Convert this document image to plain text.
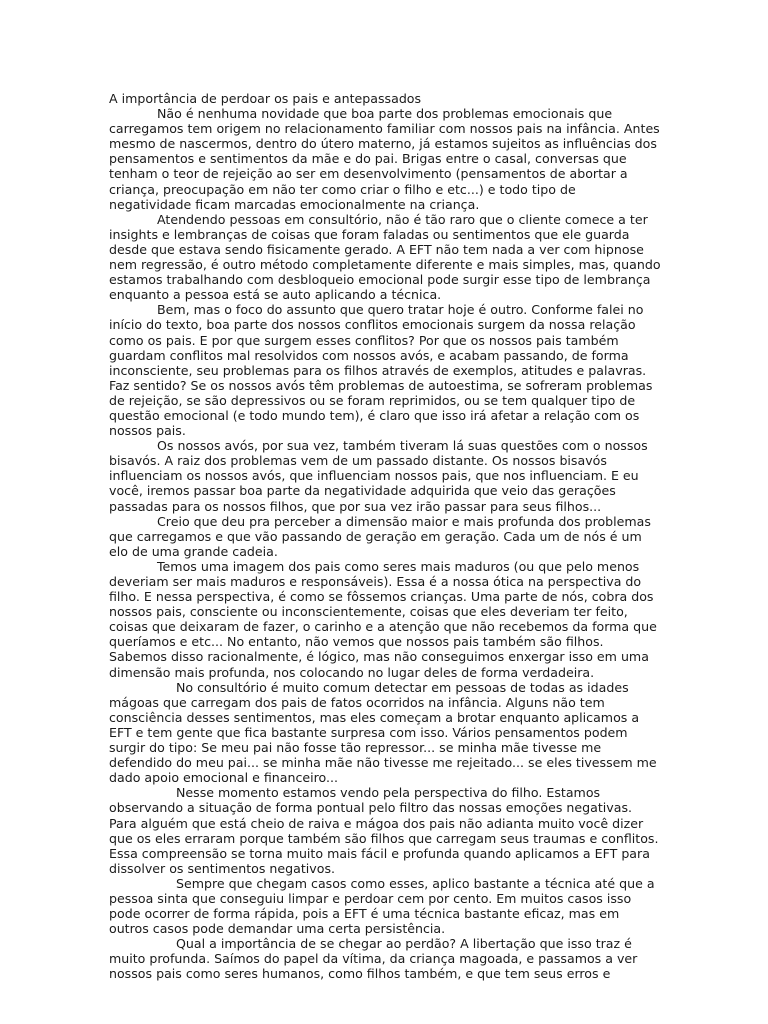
A importância de perdoar os pais e antepassados

Não é nenhuma novidade que boa parte dos problemas emocionais que carregamos tem origem no relacionamento familiar com nossos pais na infância. Antes mesmo de nascermos, dentro do útero materno, já estamos sujeitos as influências dos pensamentos e sentimentos da mãe e do pai. Brigas entre o casal, conversas que tenham o teor de rejeição ao ser em desenvolvimento (pensamentos de abortar a criança, preocupação em não ter como criar o filho e etc...) e todo tipo de negatividade ficam marcadas emocionalmente na criança.

Atendendo pessoas em consultório, não é tão raro que o cliente comece a ter insights e lembranças de coisas que foram faladas ou sentimentos que ele guarda desde que estava sendo fisicamente gerado. A EFT não tem nada a ver com hipnose nem regressão, é outro método completamente diferente e mais simples, mas, quando estamos trabalhando com desbloqueio emocional pode surgir esse tipo de lembrança enquanto a pessoa está se auto aplicando a técnica.

Bem, mas o foco do assunto que quero tratar hoje é outro. Conforme falei no início do texto, boa parte dos nossos conflitos emocionais surgem da nossa relação como os pais. E por que surgem esses conflitos? Por que os nossos pais também guardam conflitos mal resolvidos com nossos avós, e acabam passando, de forma inconsciente, seu problemas para os filhos através de exemplos, atitudes e palavras. Faz sentido? Se os nossos avós têm problemas de autoestima, se sofreram problemas de rejeição, se são depressivos ou se foram reprimidos, ou se tem qualquer tipo de questão emocional (e todo mundo tem), é claro que isso irá afetar a relação com os nossos pais.

Os nossos avós, por sua vez, também tiveram lá suas questões com o nossos bisavós. A raiz dos problemas vem de um passado distante. Os nossos bisavós influenciam os nossos avós, que influenciam nossos pais, que nos influenciam. E eu você, iremos passar boa parte da negatividade adquirida que veio das gerações passadas para os nossos filhos, que por sua vez irão passar para seus filhos...

Creio que deu pra perceber a dimensão maior e mais profunda dos problemas que carregamos e que vão passando de geração em geração. Cada um de nós é um elo de uma grande cadeia.

Temos uma imagem dos pais como seres mais maduros (ou que pelo menos deveriam ser mais maduros e responsáveis). Essa é a nossa ótica na perspectiva do filho. E nessa perspectiva, é como se fôssemos crianças. Uma parte de nós, cobra dos nossos pais, consciente ou inconscientemente, coisas que eles deveriam ter feito, coisas que deixaram de fazer, o carinho e a atenção que não recebemos da forma que queríamos e etc... No entanto, não vemos que nossos pais também são filhos. Sabemos disso racionalmente, é lógico, mas não conseguimos enxergar isso em uma dimensão mais profunda, nos colocando no lugar deles de forma verdadeira.

No consultório é muito comum detectar em pessoas de todas as idades mágoas que carregam dos pais de fatos ocorridos na infância. Alguns não tem consciência desses sentimentos, mas eles começam a brotar enquanto aplicamos a EFT e tem gente que fica bastante surpresa com isso. Vários pensamentos podem surgir do tipo: Se meu pai não fosse tão repressor... se minha mãe tivesse me defendido do meu pai... se minha mãe não tivesse me rejeitado... se eles tivessem me dado apoio emocional e financeiro...

Nesse momento estamos vendo pela perspectiva do filho. Estamos observando a situação de forma pontual pelo filtro das nossas emoções negativas. Para alguém que está cheio de raiva e mágoa dos pais não adianta muito você dizer que os eles erraram porque também são filhos que carregam seus traumas e conflitos. Essa compreensão se torna muito mais fácil e profunda quando aplicamos a EFT para dissolver os sentimentos negativos.

Sempre que chegam casos como esses, aplico bastante a técnica até que a pessoa sinta que conseguiu limpar e perdoar cem por cento. Em muitos casos isso pode ocorrer de forma rápida, pois a EFT é uma técnica bastante eficaz, mas em outros casos pode demandar uma certa persistência.

Qual a importância de se chegar ao perdão? A libertação que isso traz é muito profunda. Saímos do papel da vítima, da criança magoada, e passamos a ver nossos pais como seres humanos, como filhos também, e que tem seus erros e
